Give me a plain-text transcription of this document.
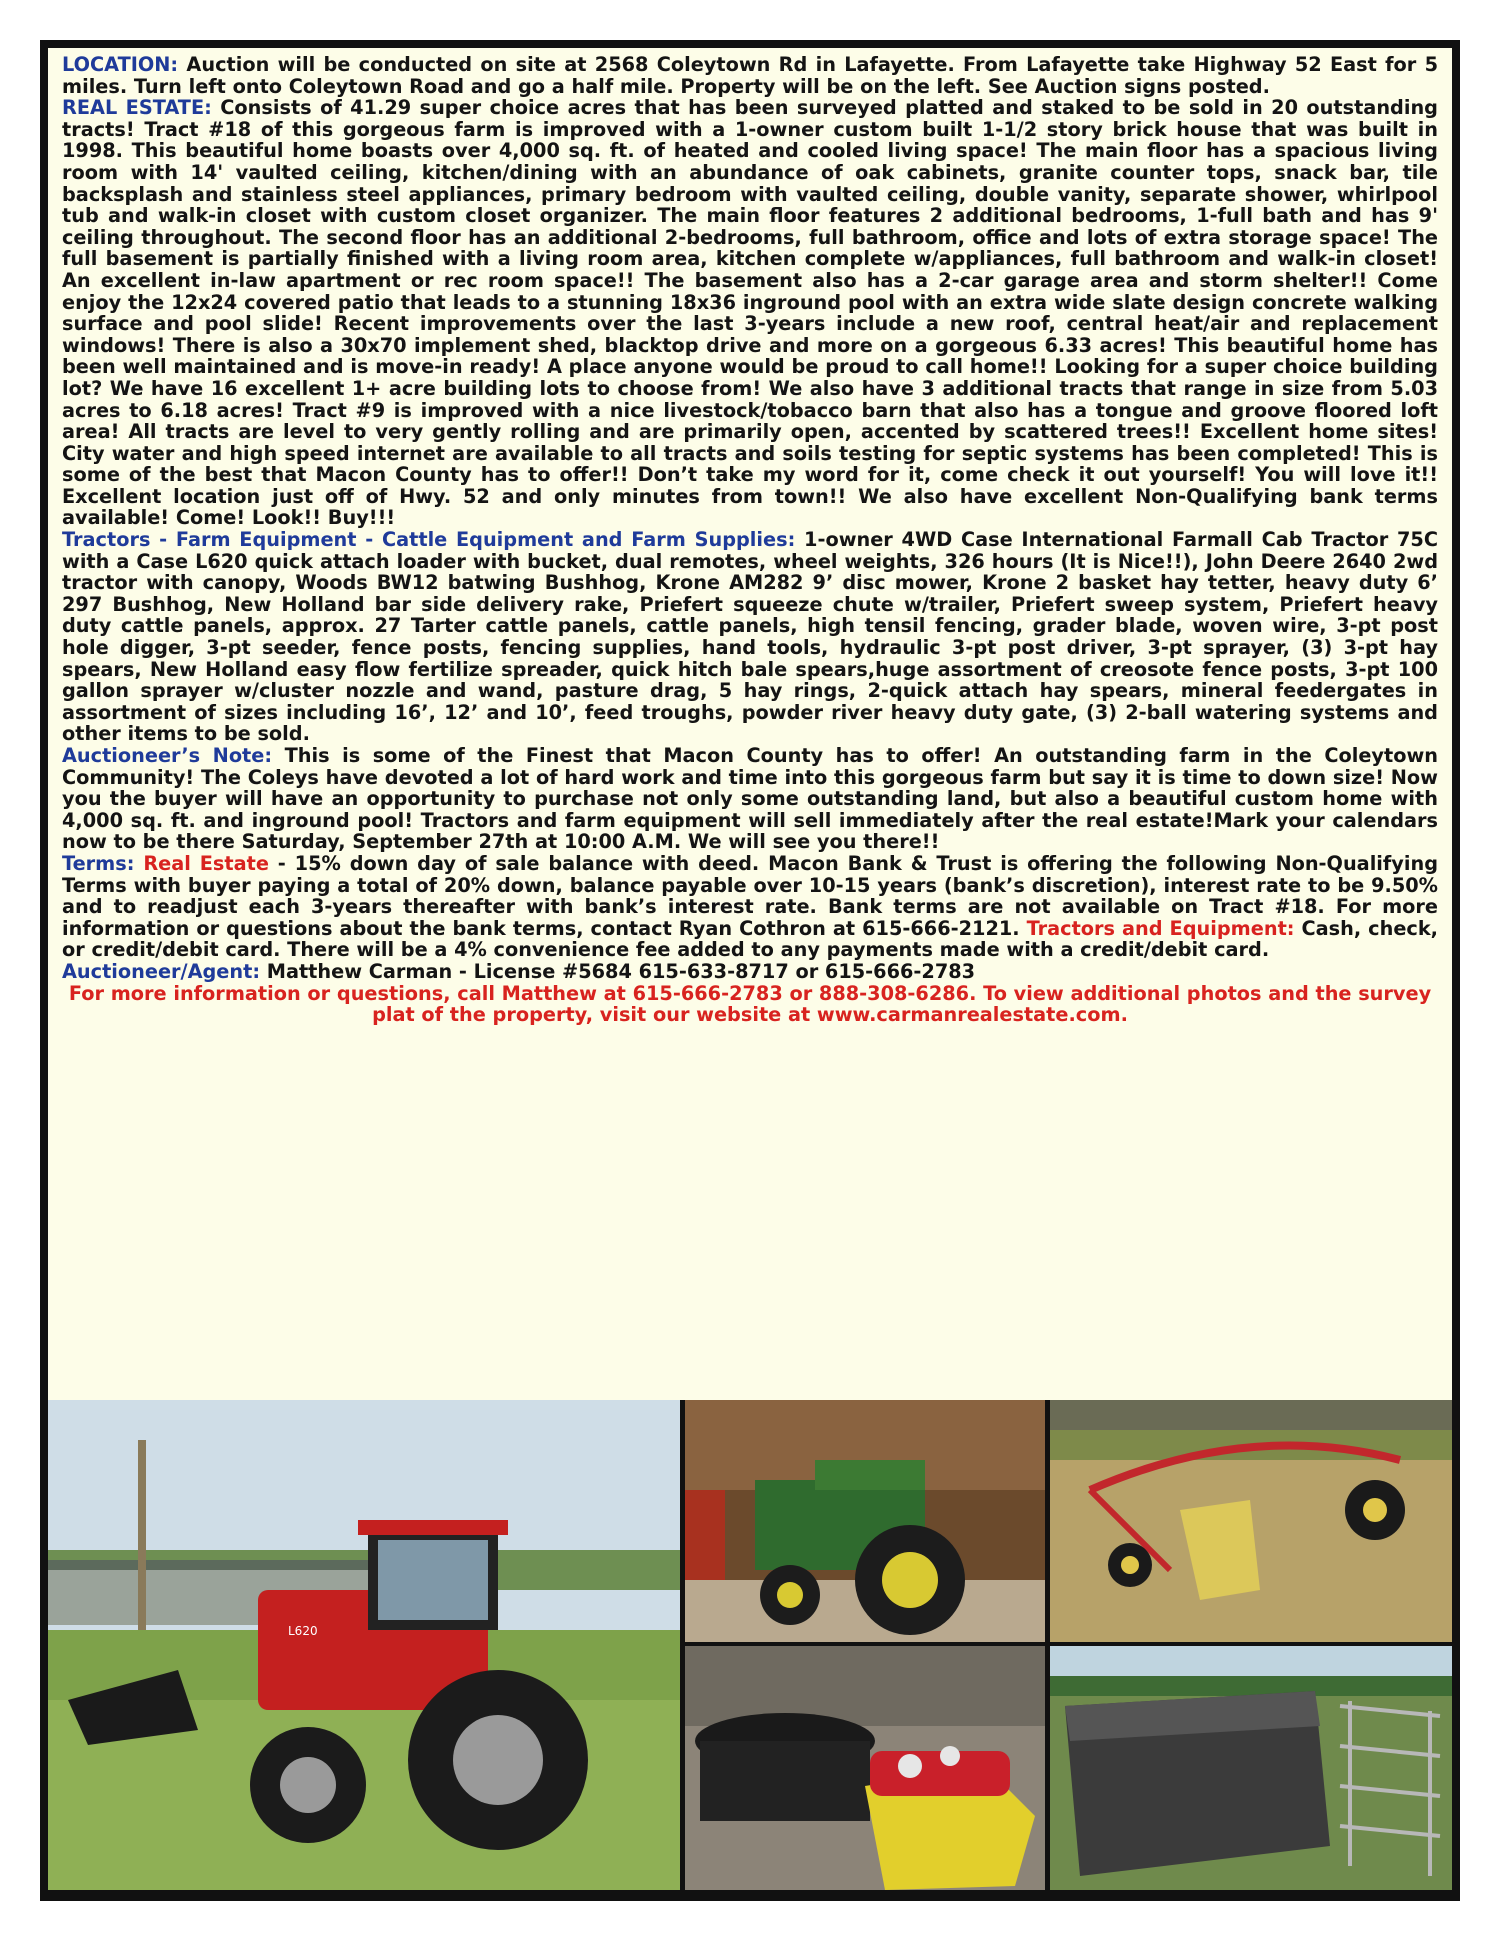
LOCATION: Auction will be conducted on site at 2568 Coleytown Rd in Lafayette. From Lafayette take Highway 52 East for 5 miles. Turn left onto Coleytown Road and go a half mile. Property will be on the left. See Auction signs posted.

REAL ESTATE: Consists of 41.29 super choice acres that has been surveyed platted and staked to be sold in 20 outstanding tracts! Tract #18 of this gorgeous farm is improved with a 1-owner custom built 1-1/2 story brick house that was built in 1998. This beautiful home boasts over 4,000 sq. ft. of heated and cooled living space! The main floor has a spacious living room with 14' vaulted ceiling, kitchen/dining with an abundance of oak cabinets, granite counter tops, snack bar, tile backsplash and stainless steel appliances, primary bedroom with vaulted ceiling, double vanity, separate shower, whirlpool tub and walk-in closet with custom closet organizer. The main floor features 2 additional bedrooms, 1-full bath and has 9' ceiling throughout. The second floor has an additional 2-bedrooms, full bathroom, office and lots of extra storage space! The full basement is partially finished with a living room area, kitchen complete w/appliances, full bathroom and walk-in closet! An excellent in-law apartment or rec room space!! The basement also has a 2-car garage area and storm shelter!! Come enjoy the 12x24 covered patio that leads to a stunning 18x36 inground pool with an extra wide slate design concrete walking surface and pool slide! Recent improvements over the last 3-years include a new roof, central heat/air and replacement windows! There is also a 30x70 implement shed, blacktop drive and more on a gorgeous 6.33 acres! This beautiful home has been well maintained and is move-in ready! A place anyone would be proud to call home!! Looking for a super choice building lot? We have 16 excellent 1+ acre building lots to choose from! We also have 3 additional tracts that range in size from 5.03 acres to 6.18 acres! Tract #9 is improved with a nice livestock/tobacco barn that also has a tongue and groove floored loft area! All tracts are level to very gently rolling and are primarily open, accented by scattered trees!! Excellent home sites! City water and high speed internet are available to all tracts and soils testing for septic systems has been completed! This is some of the best that Macon County has to offer!! Don’t take my word for it, come check it out yourself! You will love it!! Excellent location just off of Hwy. 52 and only minutes from town!! We also have excellent Non-Qualifying bank terms available! Come! Look!! Buy!!!

Tractors - Farm Equipment - Cattle Equipment and Farm Supplies: 1-owner 4WD Case International Farmall Cab Tractor 75C with a Case L620 quick attach loader with bucket, dual remotes, wheel weights, 326 hours (It is Nice!!), John Deere 2640 2wd tractor with canopy, Woods BW12 batwing Bushhog, Krone AM282 9’ disc mower, Krone 2 basket hay tetter, heavy duty 6’ 297 Bushhog, New Holland bar side delivery rake, Priefert squeeze chute w/trailer, Priefert sweep system, Priefert heavy duty cattle panels, approx. 27 Tarter cattle panels, cattle panels, high tensil fencing, grader blade, woven wire, 3-pt post hole digger, 3-pt seeder, fence posts, fencing supplies, hand tools, hydraulic 3-pt post driver, 3-pt sprayer, (3) 3-pt hay spears, New Holland easy flow fertilize spreader, quick hitch bale spears,huge assortment of creosote fence posts, 3-pt 100 gallon sprayer w/cluster nozzle and wand, pasture drag, 5 hay rings, 2-quick attach hay spears, mineral feedergates in assortment of sizes including 16’, 12’ and 10’, feed troughs, powder river heavy duty gate, (3) 2-ball watering systems and other items to be sold.

Auctioneer’s Note: This is some of the Finest that Macon County has to offer! An outstanding farm in the Coleytown Community! The Coleys have devoted a lot of hard work and time into this gorgeous farm but say it is time to down size! Now you the buyer will have an opportunity to purchase not only some outstanding land, but also a beautiful custom home with 4,000 sq. ft. and inground pool! Tractors and farm equipment will sell immediately after the real estate!Mark your calendars now to be there Saturday, September 27th at 10:00 A.M. We will see you there!!

Terms: Real Estate - 15% down day of sale balance with deed. Macon Bank & Trust is offering the following Non-Qualifying Terms with buyer paying a total of 20% down, balance payable over 10-15 years (bank’s discretion), interest rate to be 9.50% and to readjust each 3-years thereafter with bank’s interest rate. Bank terms are not available on Tract #18. For more information or questions about the bank terms, contact Ryan Cothron at 615-666-2121. Tractors and Equipment: Cash, check, or credit/debit card. There will be a 4% convenience fee added to any payments made with a credit/debit card.

Auctioneer/Agent: Matthew Carman - License #5684 615-633-8717 or 615-666-2783

For more information or questions, call Matthew at 615-666-2783 or 888-308-6286. To view additional photos and the survey plat of the property, visit our website at www.carmanrealestate.com.

L620
